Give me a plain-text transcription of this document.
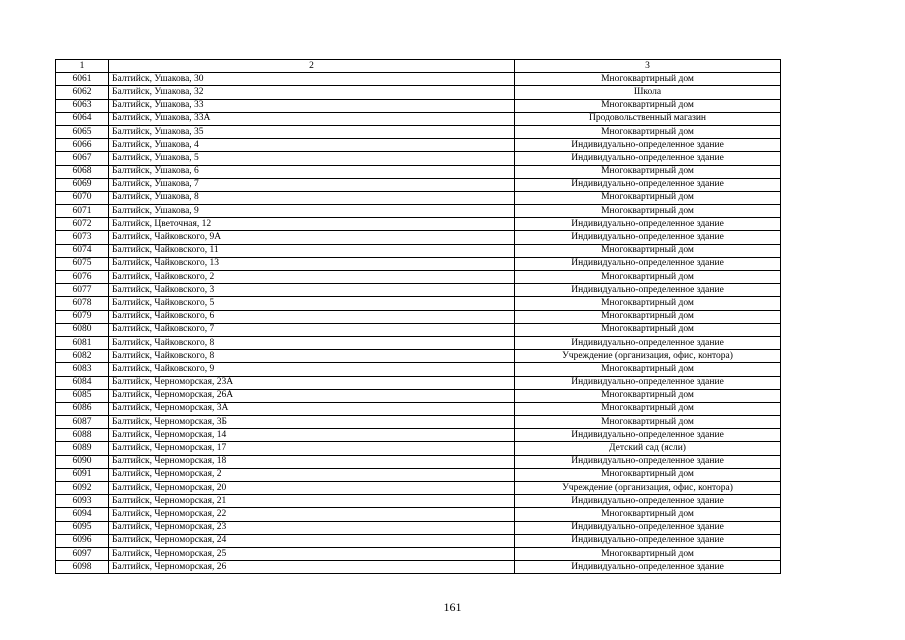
1	2	3
6061	Балтийск, Ушакова, 30	Многоквартирный дом
6062	Балтийск, Ушакова, 32	Школа
6063	Балтийск, Ушакова, 33	Многоквартирный дом
6064	Балтийск, Ушакова, 33А	Продовольственный магазин
6065	Балтийск, Ушакова, 35	Многоквартирный дом
6066	Балтийск, Ушакова, 4	Индивидуально-определенное здание
6067	Балтийск, Ушакова, 5	Индивидуально-определенное здание
6068	Балтийск, Ушакова, 6	Многоквартирный дом
6069	Балтийск, Ушакова, 7	Индивидуально-определенное здание
6070	Балтийск, Ушакова, 8	Многоквартирный дом
6071	Балтийск, Ушакова, 9	Многоквартирный дом
6072	Балтийск, Цветочная, 12	Индивидуально-определенное здание
6073	Балтийск, Чайковского, 9А	Индивидуально-определенное здание
6074	Балтийск, Чайковского, 11	Многоквартирный дом
6075	Балтийск, Чайковского, 13	Индивидуально-определенное здание
6076	Балтийск, Чайковского, 2	Многоквартирный дом
6077	Балтийск, Чайковского, 3	Индивидуально-определенное здание
6078	Балтийск, Чайковского, 5	Многоквартирный дом
6079	Балтийск, Чайковского, 6	Многоквартирный дом
6080	Балтийск, Чайковского, 7	Многоквартирный дом
6081	Балтийск, Чайковского, 8	Индивидуально-определенное здание
6082	Балтийск, Чайковского, 8	Учреждение (организация, офис, контора)
6083	Балтийск, Чайковского, 9	Многоквартирный дом
6084	Балтийск, Черноморская, 23А	Индивидуально-определенное здание
6085	Балтийск, Черноморская, 26А	Многоквартирный дом
6086	Балтийск, Черноморская, 3А	Многоквартирный дом
6087	Балтийск, Черноморская, 3Б	Многоквартирный дом
6088	Балтийск, Черноморская, 14	Индивидуально-определенное здание
6089	Балтийск, Черноморская, 17	Детский сад (ясли)
6090	Балтийск, Черноморская, 18	Индивидуально-определенное здание
6091	Балтийск, Черноморская, 2	Многоквартирный дом
6092	Балтийск, Черноморская, 20	Учреждение (организация, офис, контора)
6093	Балтийск, Черноморская, 21	Индивидуально-определенное здание
6094	Балтийск, Черноморская, 22	Многоквартирный дом
6095	Балтийск, Черноморская, 23	Индивидуально-определенное здание
6096	Балтийск, Черноморская, 24	Индивидуально-определенное здание
6097	Балтийск, Черноморская, 25	Многоквартирный дом
6098	Балтийск, Черноморская, 26	Индивидуально-определенное здание
161
